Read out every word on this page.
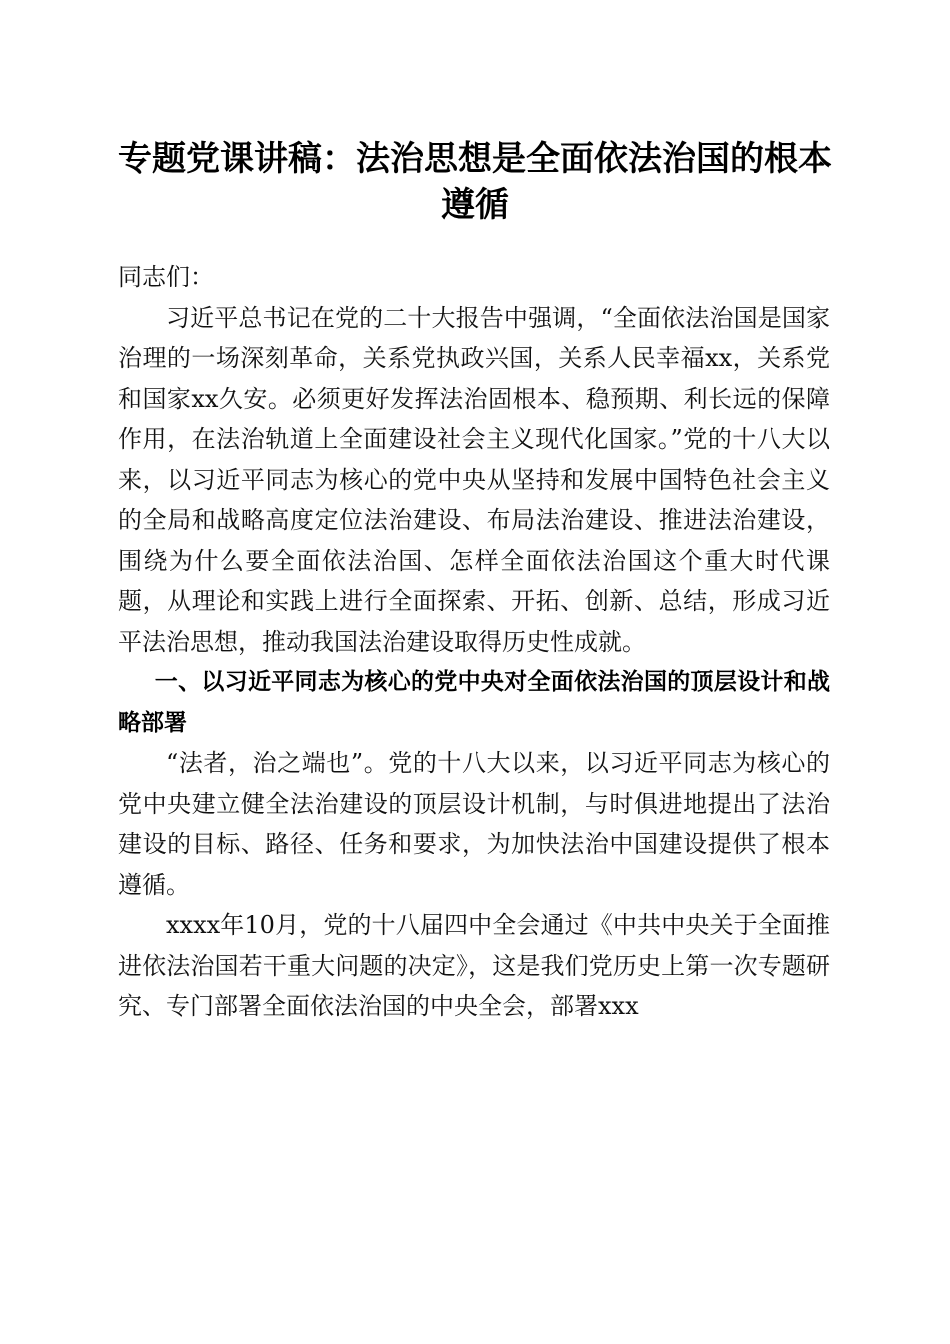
专题党课讲稿：法治思想是全面依法治国的根本遵循

同志们：

习近平总书记在党的二十大报告中强调，“全面依法治国是国家治理的一场深刻革命，关系党执政兴国，关系人民幸福xx，关系党和国家xx久安。必须更好发挥法治固根本、稳预期、利长远的保障作用，在法治轨道上全面建设社会主义现代化国家。”党的十八大以来，以习近平同志为核心的党中央从坚持和发展中国特色社会主义的全局和战略高度定位法治建设、布局法治建设、推进法治建设，围绕为什么要全面依法治国、怎样全面依法治国这个重大时代课题，从理论和实践上进行全面探索、开拓、创新、总结，形成习近平法治思想，推动我国法治建设取得历史性成就。

一、以习近平同志为核心的党中央对全面依法治国的顶层设计和战略部署

“法者，治之端也”。党的十八大以来，以习近平同志为核心的党中央建立健全法治建设的顶层设计机制，与时俱进地提出了法治建设的目标、路径、任务和要求，为加快法治中国建设提供了根本遵循。

xxxx年10月，党的十八届四中全会通过《中共中央关于全面推进依法治国若干重大问题的决定》，这是我们党历史上第一次专题研究、专门部署全面依法治国的中央全会，部署xxx
